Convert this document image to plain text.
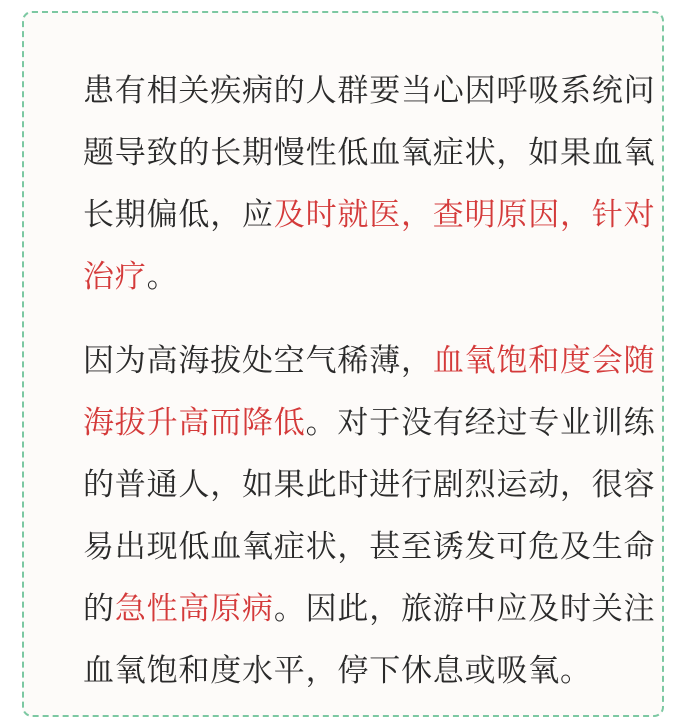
患有相关疾病的人群要当心因呼吸系统问题导致的长期慢性低血氧症状，如果血氧长期偏低，应及时就医，查明原因，针对治疗。

因为高海拔处空气稀薄，血氧饱和度会随海拔升高而降低。对于没有经过专业训练的普通人，如果此时进行剧烈运动，很容易出现低血氧症状，甚至诱发可危及生命的急性高原病。因此，旅游中应及时关注血氧饱和度水平，停下休息或吸氧。
